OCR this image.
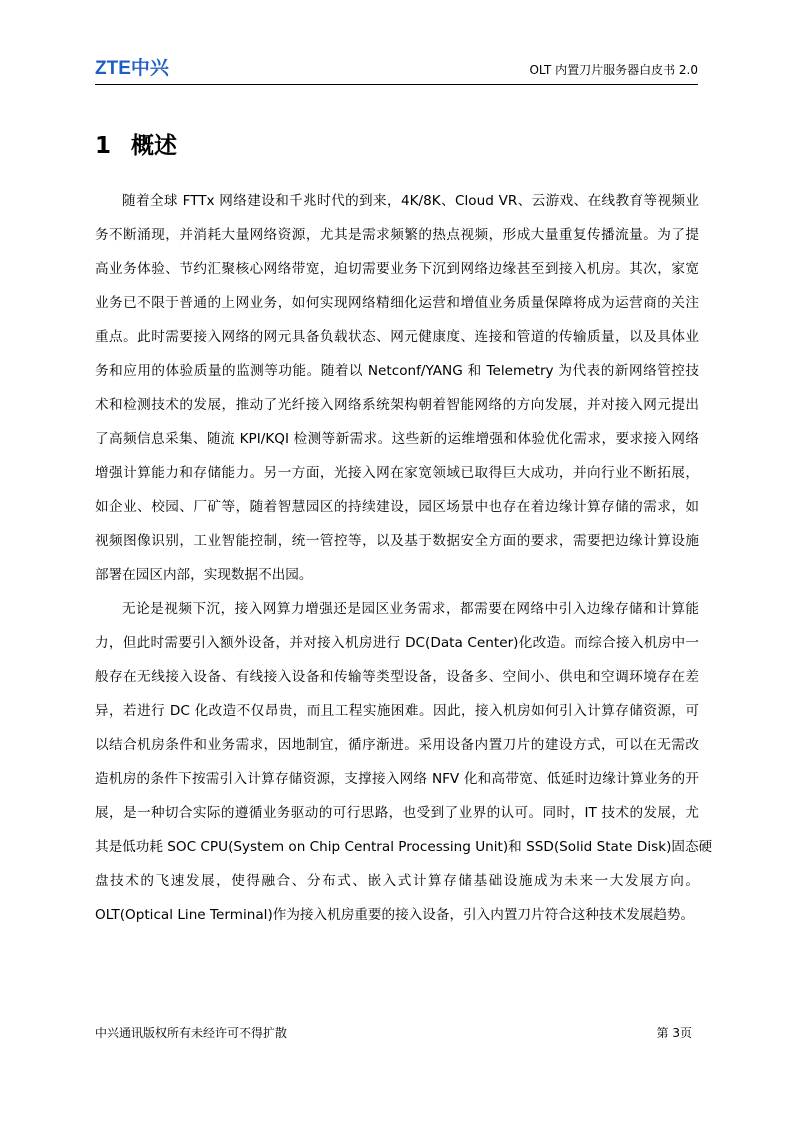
ZTE中兴	OLT 内置刀片服务器白皮书 2.0
1 概述

随着全球 FTTx 网络建设和千兆时代的到来，4K/8K、Cloud VR、云游戏、在线教育等视频业
务不断涌现，并消耗大量网络资源，尤其是需求频繁的热点视频，形成大量重复传播流量。为了提
高业务体验、节约汇聚核心网络带宽，迫切需要业务下沉到网络边缘甚至到接入机房。其次，家宽
业务已不限于普通的上网业务，如何实现网络精细化运营和增值业务质量保障将成为运营商的关注
重点。此时需要接入网络的网元具备负载状态、网元健康度、连接和管道的传输质量，以及具体业
务和应用的体验质量的监测等功能。随着以 Netconf/YANG 和 Telemetry 为代表的新网络管控技
术和检测技术的发展，推动了光纤接入网络系统架构朝着智能网络的方向发展，并对接入网元提出
了高频信息采集、随流 KPI/KQI 检测等新需求。这些新的运维增强和体验优化需求，要求接入网络
增强计算能力和存储能力。另一方面，光接入网在家宽领域已取得巨大成功，并向行业不断拓展，
如企业、校园、厂矿等，随着智慧园区的持续建设，园区场景中也存在着边缘计算存储的需求，如
视频图像识别，工业智能控制，统一管控等，以及基于数据安全方面的要求，需要把边缘计算设施
部署在园区内部，实现数据不出园。

无论是视频下沉，接入网算力增强还是园区业务需求，都需要在网络中引入边缘存储和计算能
力，但此时需要引入额外设备，并对接入机房进行 DC(Data Center)化改造。而综合接入机房中一
般存在无线接入设备、有线接入设备和传输等类型设备，设备多、空间小、供电和空调环境存在差
异，若进行 DC 化改造不仅昂贵，而且工程实施困难。因此，接入机房如何引入计算存储资源，可
以结合机房条件和业务需求，因地制宜，循序渐进。采用设备内置刀片的建设方式，可以在无需改
造机房的条件下按需引入计算存储资源，支撑接入网络 NFV 化和高带宽、低延时边缘计算业务的开
展，是一种切合实际的遵循业务驱动的可行思路，也受到了业界的认可。同时，IT 技术的发展，尤
其是低功耗 SOC CPU(System on Chip Central Processing Unit)和 SSD(Solid State Disk)固态硬
盘技术的飞速发展，使得融合、分布式、嵌入式计算存储基础设施成为未来一大发展方向。
OLT(Optical Line Terminal)作为接入机房重要的接入设备，引入内置刀片符合这种技术发展趋势。

中兴通讯版权所有未经许可不得扩散	第 3页
